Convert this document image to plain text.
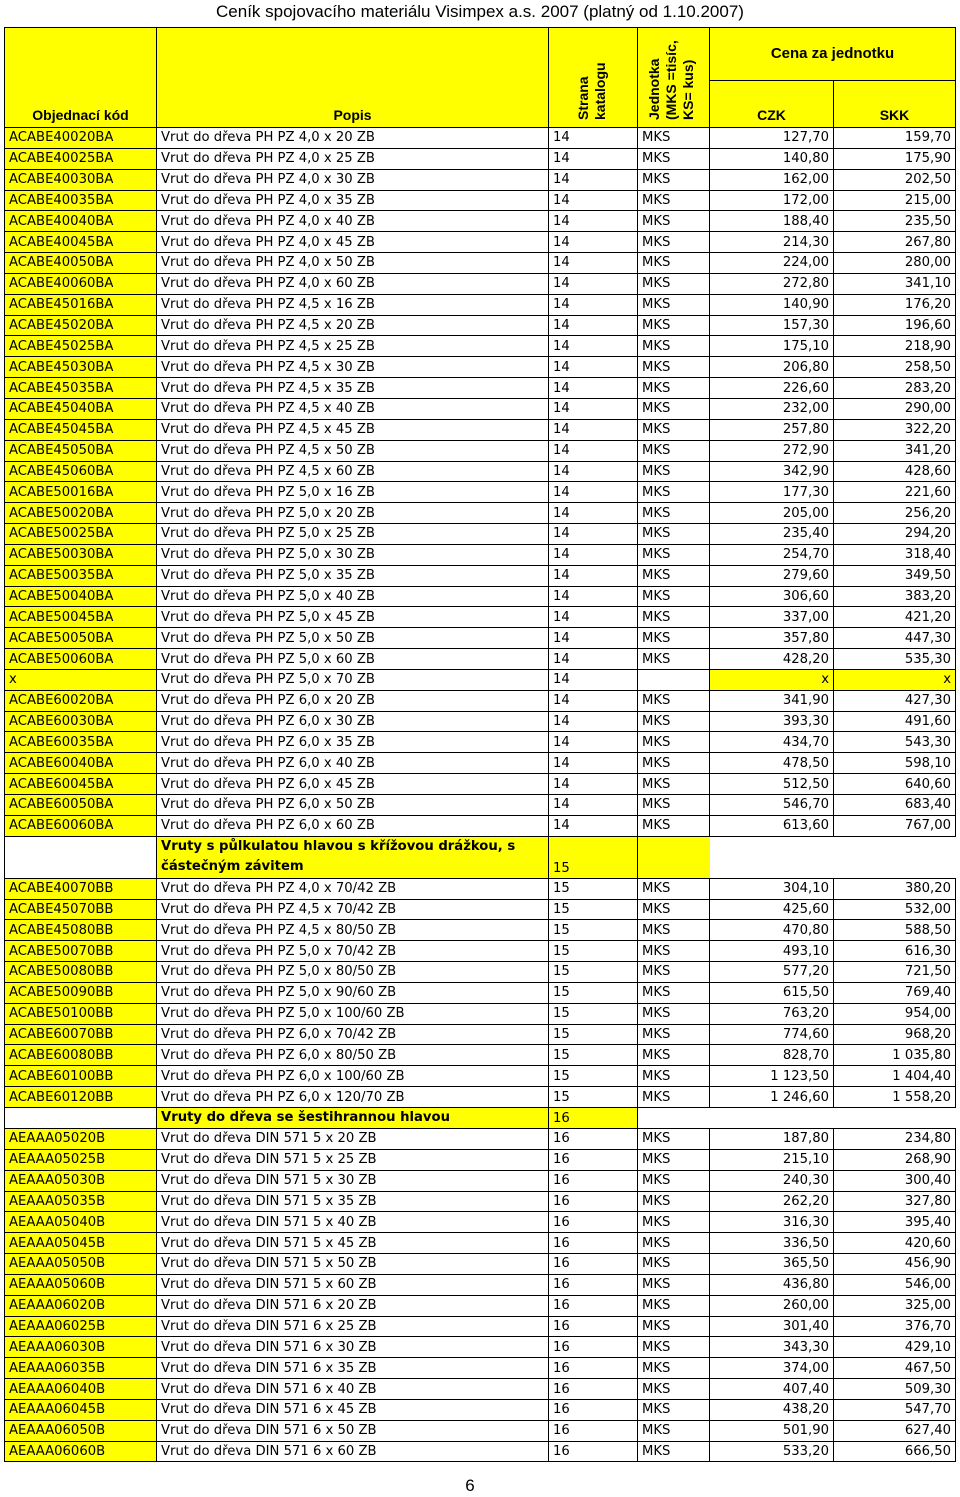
Ceník spojovacího materiálu Visimpex a.s. 2007 (platný od 1.10.2007)
Objednací kód	Popis	Strana katalogu	Jednotka (MKS =tisíc, KS= kus)	Cena za jednotku	
				CZK	SKK
ACABE40020BA	Vrut do dřeva PH PZ 4,0 x 20 ZB	14	MKS	127,70	159,70
ACABE40025BA	Vrut do dřeva PH PZ 4,0 x 25 ZB	14	MKS	140,80	175,90
ACABE40030BA	Vrut do dřeva PH PZ 4,0 x 30 ZB	14	MKS	162,00	202,50
ACABE40035BA	Vrut do dřeva PH PZ 4,0 x 35 ZB	14	MKS	172,00	215,00
ACABE40040BA	Vrut do dřeva PH PZ 4,0 x 40 ZB	14	MKS	188,40	235,50
ACABE40045BA	Vrut do dřeva PH PZ 4,0 x 45 ZB	14	MKS	214,30	267,80
ACABE40050BA	Vrut do dřeva PH PZ 4,0 x 50 ZB	14	MKS	224,00	280,00
ACABE40060BA	Vrut do dřeva PH PZ 4,0 x 60 ZB	14	MKS	272,80	341,10
ACABE45016BA	Vrut do dřeva PH PZ 4,5 x 16 ZB	14	MKS	140,90	176,20
ACABE45020BA	Vrut do dřeva PH PZ 4,5 x 20 ZB	14	MKS	157,30	196,60
ACABE45025BA	Vrut do dřeva PH PZ 4,5 x 25 ZB	14	MKS	175,10	218,90
ACABE45030BA	Vrut do dřeva PH PZ 4,5 x 30 ZB	14	MKS	206,80	258,50
ACABE45035BA	Vrut do dřeva PH PZ 4,5 x 35 ZB	14	MKS	226,60	283,20
ACABE45040BA	Vrut do dřeva PH PZ 4,5 x 40 ZB	14	MKS	232,00	290,00
ACABE45045BA	Vrut do dřeva PH PZ 4,5 x 45 ZB	14	MKS	257,80	322,20
ACABE45050BA	Vrut do dřeva PH PZ 4,5 x 50 ZB	14	MKS	272,90	341,20
ACABE45060BA	Vrut do dřeva PH PZ 4,5 x 60 ZB	14	MKS	342,90	428,60
ACABE50016BA	Vrut do dřeva PH PZ 5,0 x 16 ZB	14	MKS	177,30	221,60
ACABE50020BA	Vrut do dřeva PH PZ 5,0 x 20 ZB	14	MKS	205,00	256,20
ACABE50025BA	Vrut do dřeva PH PZ 5,0 x 25 ZB	14	MKS	235,40	294,20
ACABE50030BA	Vrut do dřeva PH PZ 5,0 x 30 ZB	14	MKS	254,70	318,40
ACABE50035BA	Vrut do dřeva PH PZ 5,0 x 35 ZB	14	MKS	279,60	349,50
ACABE50040BA	Vrut do dřeva PH PZ 5,0 x 40 ZB	14	MKS	306,60	383,20
ACABE50045BA	Vrut do dřeva PH PZ 5,0 x 45 ZB	14	MKS	337,00	421,20
ACABE50050BA	Vrut do dřeva PH PZ 5,0 x 50 ZB	14	MKS	357,80	447,30
ACABE50060BA	Vrut do dřeva PH PZ 5,0 x 60 ZB	14	MKS	428,20	535,30
x	Vrut do dřeva PH PZ 5,0 x 70 ZB	14		x	x
ACABE60020BA	Vrut do dřeva PH PZ 6,0 x 20 ZB	14	MKS	341,90	427,30
ACABE60030BA	Vrut do dřeva PH PZ 6,0 x 30 ZB	14	MKS	393,30	491,60
ACABE60035BA	Vrut do dřeva PH PZ 6,0 x 35 ZB	14	MKS	434,70	543,30
ACABE60040BA	Vrut do dřeva PH PZ 6,0 x 40 ZB	14	MKS	478,50	598,10
ACABE60045BA	Vrut do dřeva PH PZ 6,0 x 45 ZB	14	MKS	512,50	640,60
ACABE60050BA	Vrut do dřeva PH PZ 6,0 x 50 ZB	14	MKS	546,70	683,40
ACABE60060BA	Vrut do dřeva PH PZ 6,0 x 60 ZB	14	MKS	613,60	767,00
	Vruty s půlkulatou hlavou s křížovou drážkou, s částečným závitem	15			
ACABE40070BB	Vrut do dřeva PH PZ 4,0 x 70/42 ZB	15	MKS	304,10	380,20
ACABE45070BB	Vrut do dřeva PH PZ 4,5 x 70/42 ZB	15	MKS	425,60	532,00
ACABE45080BB	Vrut do dřeva PH PZ 4,5 x 80/50 ZB	15	MKS	470,80	588,50
ACABE50070BB	Vrut do dřeva PH PZ 5,0 x 70/42 ZB	15	MKS	493,10	616,30
ACABE50080BB	Vrut do dřeva PH PZ 5,0 x 80/50 ZB	15	MKS	577,20	721,50
ACABE50090BB	Vrut do dřeva PH PZ 5,0 x 90/60 ZB	15	MKS	615,50	769,40
ACABE50100BB	Vrut do dřeva PH PZ 5,0 x 100/60 ZB	15	MKS	763,20	954,00
ACABE60070BB	Vrut do dřeva PH PZ 6,0 x 70/42 ZB	15	MKS	774,60	968,20
ACABE60080BB	Vrut do dřeva PH PZ 6,0 x 80/50 ZB	15	MKS	828,70	1 035,80
ACABE60100BB	Vrut do dřeva PH PZ 6,0 x 100/60 ZB	15	MKS	1 123,50	1 404,40
ACABE60120BB	Vrut do dřeva PH PZ 6,0 x 120/70 ZB	15	MKS	1 246,60	1 558,20
	Vruty do dřeva se šestihrannou hlavou	16			
AEAAA05020B	Vrut do dřeva DIN 571 5 x 20 ZB	16	MKS	187,80	234,80
AEAAA05025B	Vrut do dřeva DIN 571 5 x 25 ZB	16	MKS	215,10	268,90
AEAAA05030B	Vrut do dřeva DIN 571 5 x 30 ZB	16	MKS	240,30	300,40
AEAAA05035B	Vrut do dřeva DIN 571 5 x 35 ZB	16	MKS	262,20	327,80
AEAAA05040B	Vrut do dřeva DIN 571 5 x 40 ZB	16	MKS	316,30	395,40
AEAAA05045B	Vrut do dřeva DIN 571 5 x 45 ZB	16	MKS	336,50	420,60
AEAAA05050B	Vrut do dřeva DIN 571 5 x 50 ZB	16	MKS	365,50	456,90
AEAAA05060B	Vrut do dřeva DIN 571 5 x 60 ZB	16	MKS	436,80	546,00
AEAAA06020B	Vrut do dřeva DIN 571 6 x 20 ZB	16	MKS	260,00	325,00
AEAAA06025B	Vrut do dřeva DIN 571 6 x 25 ZB	16	MKS	301,40	376,70
AEAAA06030B	Vrut do dřeva DIN 571 6 x 30 ZB	16	MKS	343,30	429,10
AEAAA06035B	Vrut do dřeva DIN 571 6 x 35 ZB	16	MKS	374,00	467,50
AEAAA06040B	Vrut do dřeva DIN 571 6 x 40 ZB	16	MKS	407,40	509,30
AEAAA06045B	Vrut do dřeva DIN 571 6 x 45 ZB	16	MKS	438,20	547,70
AEAAA06050B	Vrut do dřeva DIN 571 6 x 50 ZB	16	MKS	501,90	627,40
AEAAA06060B	Vrut do dřeva DIN 571 6 x 60 ZB	16	MKS	533,20	666,50
6
